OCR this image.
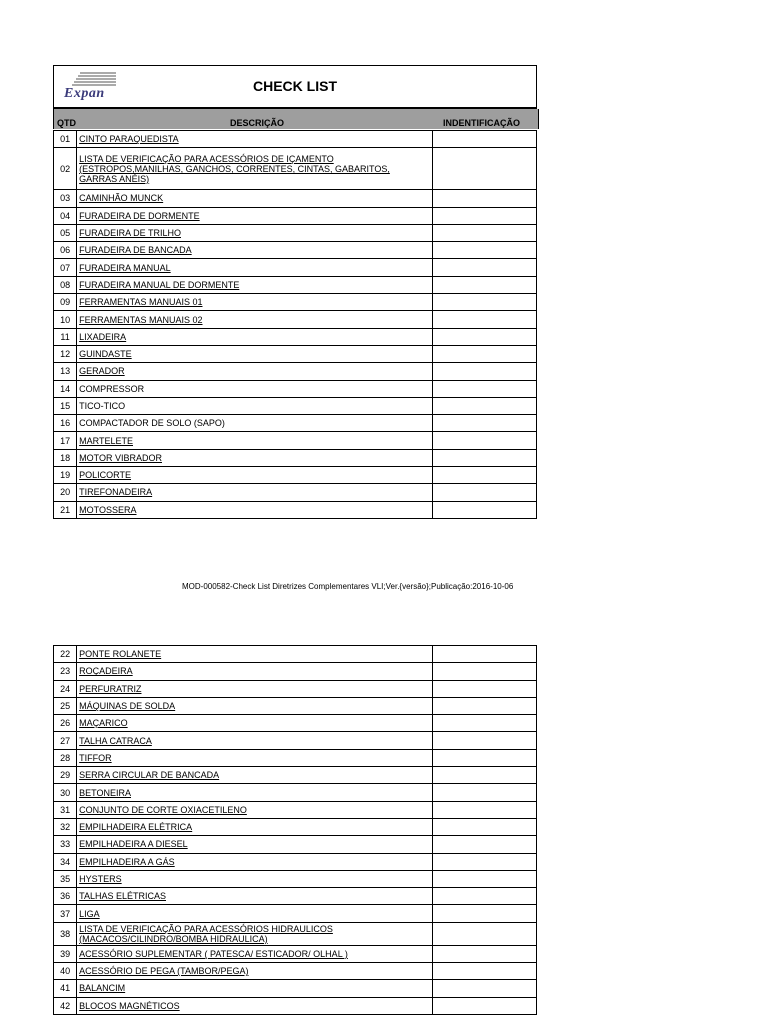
Expan	CHECK LIST
QTD	DESCRIÇÃO	INDENTIFICAÇÃO
01	CINTO PARAQUEDISTA	
02	LISTA DE VERIFICAÇÃO PARA ACESSÓRIOS DE IÇAMENTO (ESTROPOS,MANILHAS, GANCHOS, CORRENTES, CINTAS, GABARITOS, GARRAS ANÉIS)	
03	CAMINHÃO MUNCK	
04	FURADEIRA DE DORMENTE	
05	FURADEIRA DE TRILHO	
06	FURADEIRA DE BANCADA	
07	FURADEIRA MANUAL	
08	FURADEIRA MANUAL DE DORMENTE	
09	FERRAMENTAS MANUAIS 01	
10	FERRAMENTAS MANUAIS 02	
11	LIXADEIRA	
12	GUINDASTE	
13	GERADOR	
14	COMPRESSOR	
15	TICO-TICO	
16	COMPACTADOR DE SOLO (SAPO)	
17	MARTELETE	
18	MOTOR VIBRADOR	
19	POLICORTE	
20	TIREFONADEIRA	
21	MOTOSSERA	
MOD-000582-Check List Diretrizes Complementares VLI;Ver.{versão};Publicação:2016-10-06
22	PONTE ROLANETE	
23	ROÇADEIRA	
24	PERFURATRIZ	
25	MÁQUINAS DE SOLDA	
26	MAÇARICO	
27	TALHA CATRACA	
28	TIFFOR	
29	SERRA CIRCULAR DE BANCADA	
30	BETONEIRA	
31	CONJUNTO DE CORTE OXIACETILENO	
32	EMPILHADEIRA ELÉTRICA	
33	EMPILHADEIRA A DIESEL	
34	EMPILHADEIRA A GÁS	
35	HYSTERS	
36	TALHAS ELÉTRICAS	
37	LIGA	
38	LISTA DE VERIFICAÇÃO PARA ACESSÓRIOS HIDRAULICOS (MACACOS/CILINDRO/BOMBA HIDRAULICA)	
39	ACESSÓRIO SUPLEMENTAR ( PATESCA/ ESTICADOR/ OLHAL )	
40	ACESSÓRIO DE PEGA (TAMBOR/PEGA)	
41	BALANCIM	
42	BLOCOS MAGNÉTICOS	
